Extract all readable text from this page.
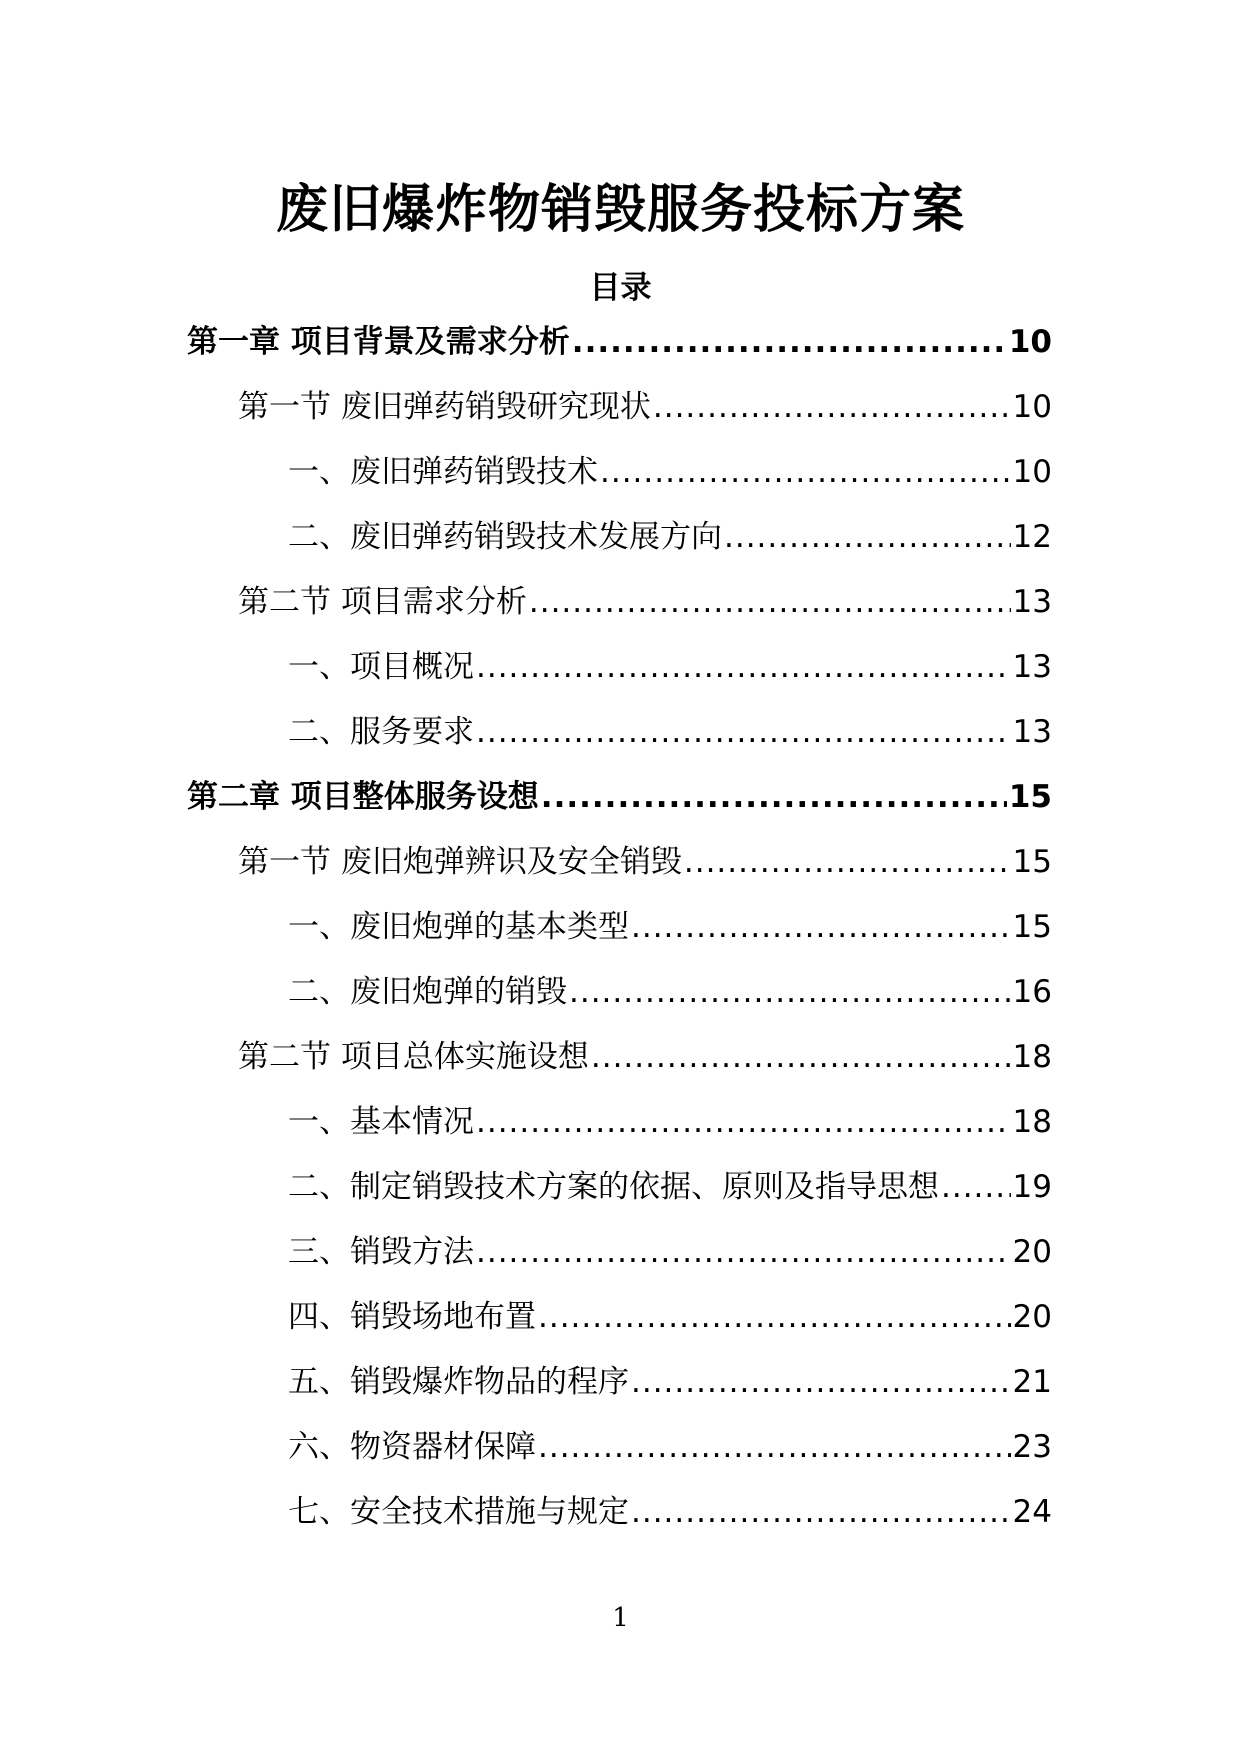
废旧爆炸物销毁服务投标方案
目录
第一章 项目背景及需求分析 .....	10
第一节 废旧弹药销毁研究现状 .....	10
一、废旧弹药销毁技术 .....	10
二、废旧弹药销毁技术发展方向 .....	12
第二节 项目需求分析 .....	13
一、项目概况 .....	13
二、服务要求 .....	13
第二章 项目整体服务设想 .....	15
第一节 废旧炮弹辨识及安全销毁 .....	15
一、废旧炮弹的基本类型 .....	15
二、废旧炮弹的销毁 .....	16
第二节 项目总体实施设想 .....	18
一、基本情况 .....	18
二、制定销毁技术方案的依据、原则及指导思想 ..... 19
三、销毁方法 .....	20
四、销毁场地布置 .....	20
五、销毁爆炸物品的程序 .....	21
六、物资器材保障 .....	23
七、安全技术措施与规定 .....	24
1
